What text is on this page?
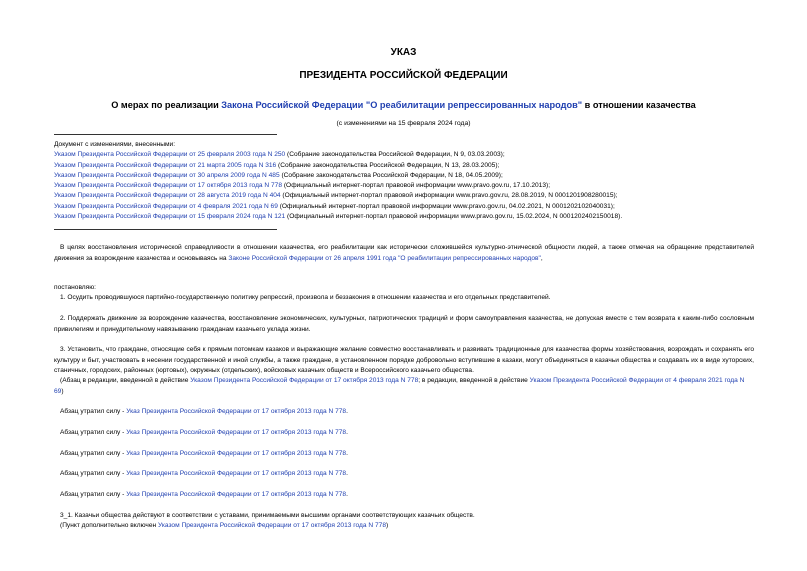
УКАЗ
ПРЕЗИДЕНТА РОССИЙСКОЙ ФЕДЕРАЦИИ
О мерах по реализации Закона Российской Федерации "О реабилитации репрессированных народов" в отношении казачества
(с изменениями на 15 февраля 2024 года)
Документ с изменениями, внесенными:
Указом Президента Российской Федерации от 25 февраля 2003 года N 250 (Собрание законодательства Российской Федерации, N 9, 03.03.2003);
Указом Президента Российской Федерации от 21 марта 2005 года N 316 (Собрание законодательства Российской Федерации, N 13, 28.03.2005);
Указом Президента Российской Федерации от 30 апреля 2009 года N 485 (Собрание законодательства Российской Федерации, N 18, 04.05.2009);
Указом Президента Российской Федерации от 17 октября 2013 года N 778 (Официальный интернет-портал правовой информации www.pravo.gov.ru, 17.10.2013);
Указом Президента Российской Федерации от 28 августа 2019 года N 404 (Официальный интернет-портал правовой информации www.pravo.gov.ru, 28.08.2019, N 0001201908280015);
Указом Президента Российской Федерации от 4 февраля 2021 года N 69 (Официальный интернет-портал правовой информации www.pravo.gov.ru, 04.02.2021, N 0001202102040031);
Указом Президента Российской Федерации от 15 февраля 2024 года N 121 (Официальный интернет-портал правовой информации www.pravo.gov.ru, 15.02.2024, N 0001202402150018).
В целях восстановления исторической справедливости в отношении казачества, его реабилитации как исторически сложившейся культурно-этнической общности людей, а также отмечая на обращение представителей движения за возрождение казачества и основываясь на Законе Российской Федерации от 26 апреля 1991 года "О реабилитации репрессированных народов",
постановляю:
1. Осудить проводившуюся партийно-государственную политику репрессий, произвола и беззакония в отношении казачества и его отдельных представителей.
2. Поддержать движение за возрождение казачества, восстановление экономических, культурных, патриотических традиций и форм самоуправления казачества, не допуская вместе с тем возврата к каким-либо сословным привилегиям и принудительному навязыванию гражданам казачьего уклада жизни.
3. Установить, что граждане, относящие себя к прямым потомкам казаков и выражающие желание совместно восстанавливать и развивать традиционные для казачества формы хозяйствования, возрождать и сохранять его культуру и быт, участвовать в несении государственной и иной службы, а также граждане, в установленном порядке добровольно вступившие в казаки, могут объединяться в казачьи общества и создавать их в виде хуторских, станичных, городских, районных (юртовых), окружных (отдельских), войсковых казачьих обществ и Всероссийского казачьего общества.
(Абзац в редакции, введенной в действие Указом Президента Российской Федерации от 17 октября 2013 года N 778; в редакции, введенной в действие Указом Президента Российской Федерации от 4 февраля 2021 года N 69)
Абзац утратил силу - Указ Президента Российской Федерации от 17 октября 2013 года N 778.
Абзац утратил силу - Указ Президента Российской Федерации от 17 октября 2013 года N 778.
Абзац утратил силу - Указ Президента Российской Федерации от 17 октября 2013 года N 778.
Абзац утратил силу - Указ Президента Российской Федерации от 17 октября 2013 года N 778.
Абзац утратил силу - Указ Президента Российской Федерации от 17 октября 2013 года N 778.
3_1. Казачьи общества действуют в соответствии с уставами, принимаемыми высшими органами соответствующих казачьих обществ.
(Пункт дополнительно включен Указом Президента Российской Федерации от 17 октября 2013 года N 778)
